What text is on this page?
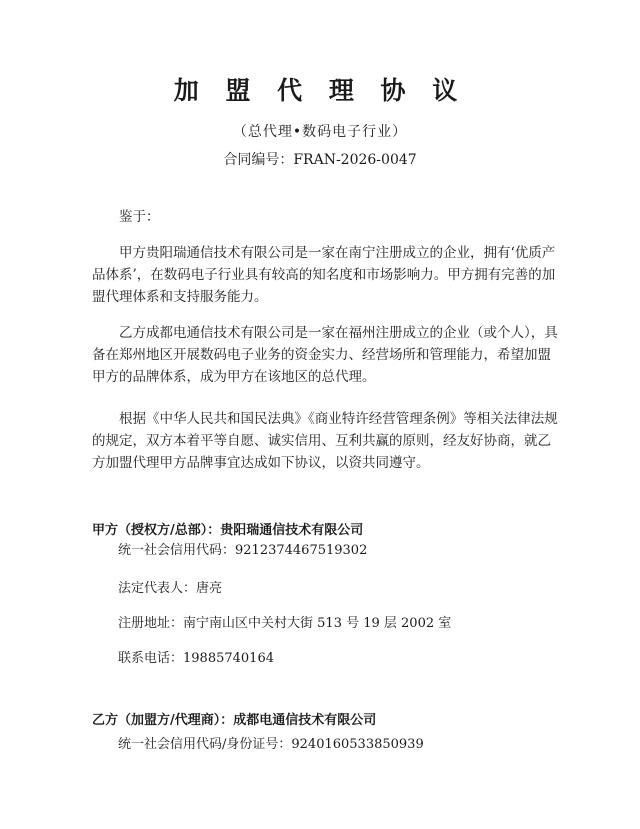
加 盟 代 理 协 议
（总代理•数码电子行业）
合同编号：FRAN-2026-0047
鉴于：
甲方贵阳瑞通信技术有限公司是一家在南宁注册成立的企业，拥有‘优质产品体系’，在数码电子行业具有较高的知名度和市场影响力。甲方拥有完善的加盟代理体系和支持服务能力。
乙方成都电通信技术有限公司是一家在福州注册成立的企业（或个人），具备在郑州地区开展数码电子业务的资金实力、经营场所和管理能力，希望加盟甲方的品牌体系，成为甲方在该地区的总代理。
根据《中华人民共和国民法典》《商业特许经营管理条例》等相关法律法规的规定，双方本着平等自愿、诚实信用、互利共赢的原则，经友好协商，就乙方加盟代理甲方品牌事宜达成如下协议，以资共同遵守。
甲方（授权方/总部）：贵阳瑞通信技术有限公司
统一社会信用代码：9212374467519302
法定代表人：唐亮
注册地址：南宁南山区中关村大街 513 号 19 层 2002 室
联系电话：19885740164
乙方（加盟方/代理商）：成都电通信技术有限公司
统一社会信用代码/身份证号：9240160533850939
